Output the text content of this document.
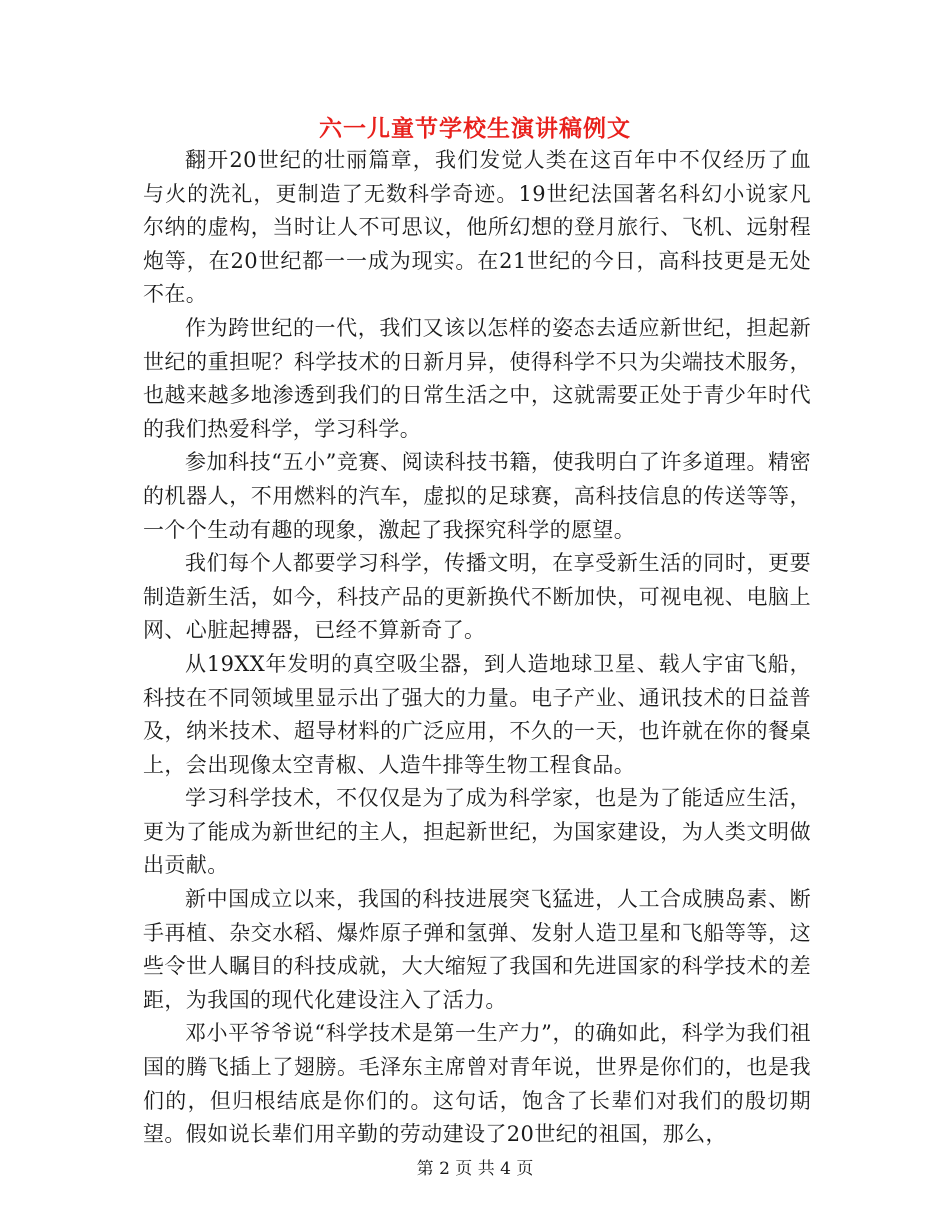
六一儿童节学校生演讲稿例文

翻开20世纪的壮丽篇章，我们发觉人类在这百年中不仅经历了血与火的洗礼，更制造了无数科学奇迹。19世纪法国著名科幻小说家凡尔纳的虚构，当时让人不可思议，他所幻想的登月旅行、飞机、远射程炮等，在20世纪都一一成为现实。在21世纪的今日，高科技更是无处不在。

作为跨世纪的一代，我们又该以怎样的姿态去适应新世纪，担起新世纪的重担呢？科学技术的日新月异，使得科学不只为尖端技术服务，也越来越多地渗透到我们的日常生活之中，这就需要正处于青少年时代的我们热爱科学，学习科学。

参加科技“五小”竞赛、阅读科技书籍，使我明白了许多道理。精密的机器人，不用燃料的汽车，虚拟的足球赛，高科技信息的传送等等，一个个生动有趣的现象，激起了我探究科学的愿望。

我们每个人都要学习科学，传播文明，在享受新生活的同时，更要制造新生活，如今，科技产品的更新换代不断加快，可视电视、电脑上网、心脏起搏器，已经不算新奇了。

从19XX年发明的真空吸尘器，到人造地球卫星、载人宇宙飞船，科技在不同领域里显示出了强大的力量。电子产业、通讯技术的日益普及，纳米技术、超导材料的广泛应用，不久的一天，也许就在你的餐桌上，会出现像太空青椒、人造牛排等生物工程食品。

学习科学技术，不仅仅是为了成为科学家，也是为了能适应生活，更为了能成为新世纪的主人，担起新世纪，为国家建设，为人类文明做出贡献。

新中国成立以来，我国的科技进展突飞猛进，人工合成胰岛素、断手再植、杂交水稻、爆炸原子弹和氢弹、发射人造卫星和飞船等等，这些令世人瞩目的科技成就，大大缩短了我国和先进国家的科学技术的差距，为我国的现代化建设注入了活力。

邓小平爷爷说“科学技术是第一生产力”，的确如此，科学为我们祖国的腾飞插上了翅膀。毛泽东主席曾对青年说，世界是你们的，也是我们的，但归根结底是你们的。这句话，饱含了长辈们对我们的殷切期望。假如说长辈们用辛勤的劳动建设了20世纪的祖国，那么，

第 2 页 共 4 页
